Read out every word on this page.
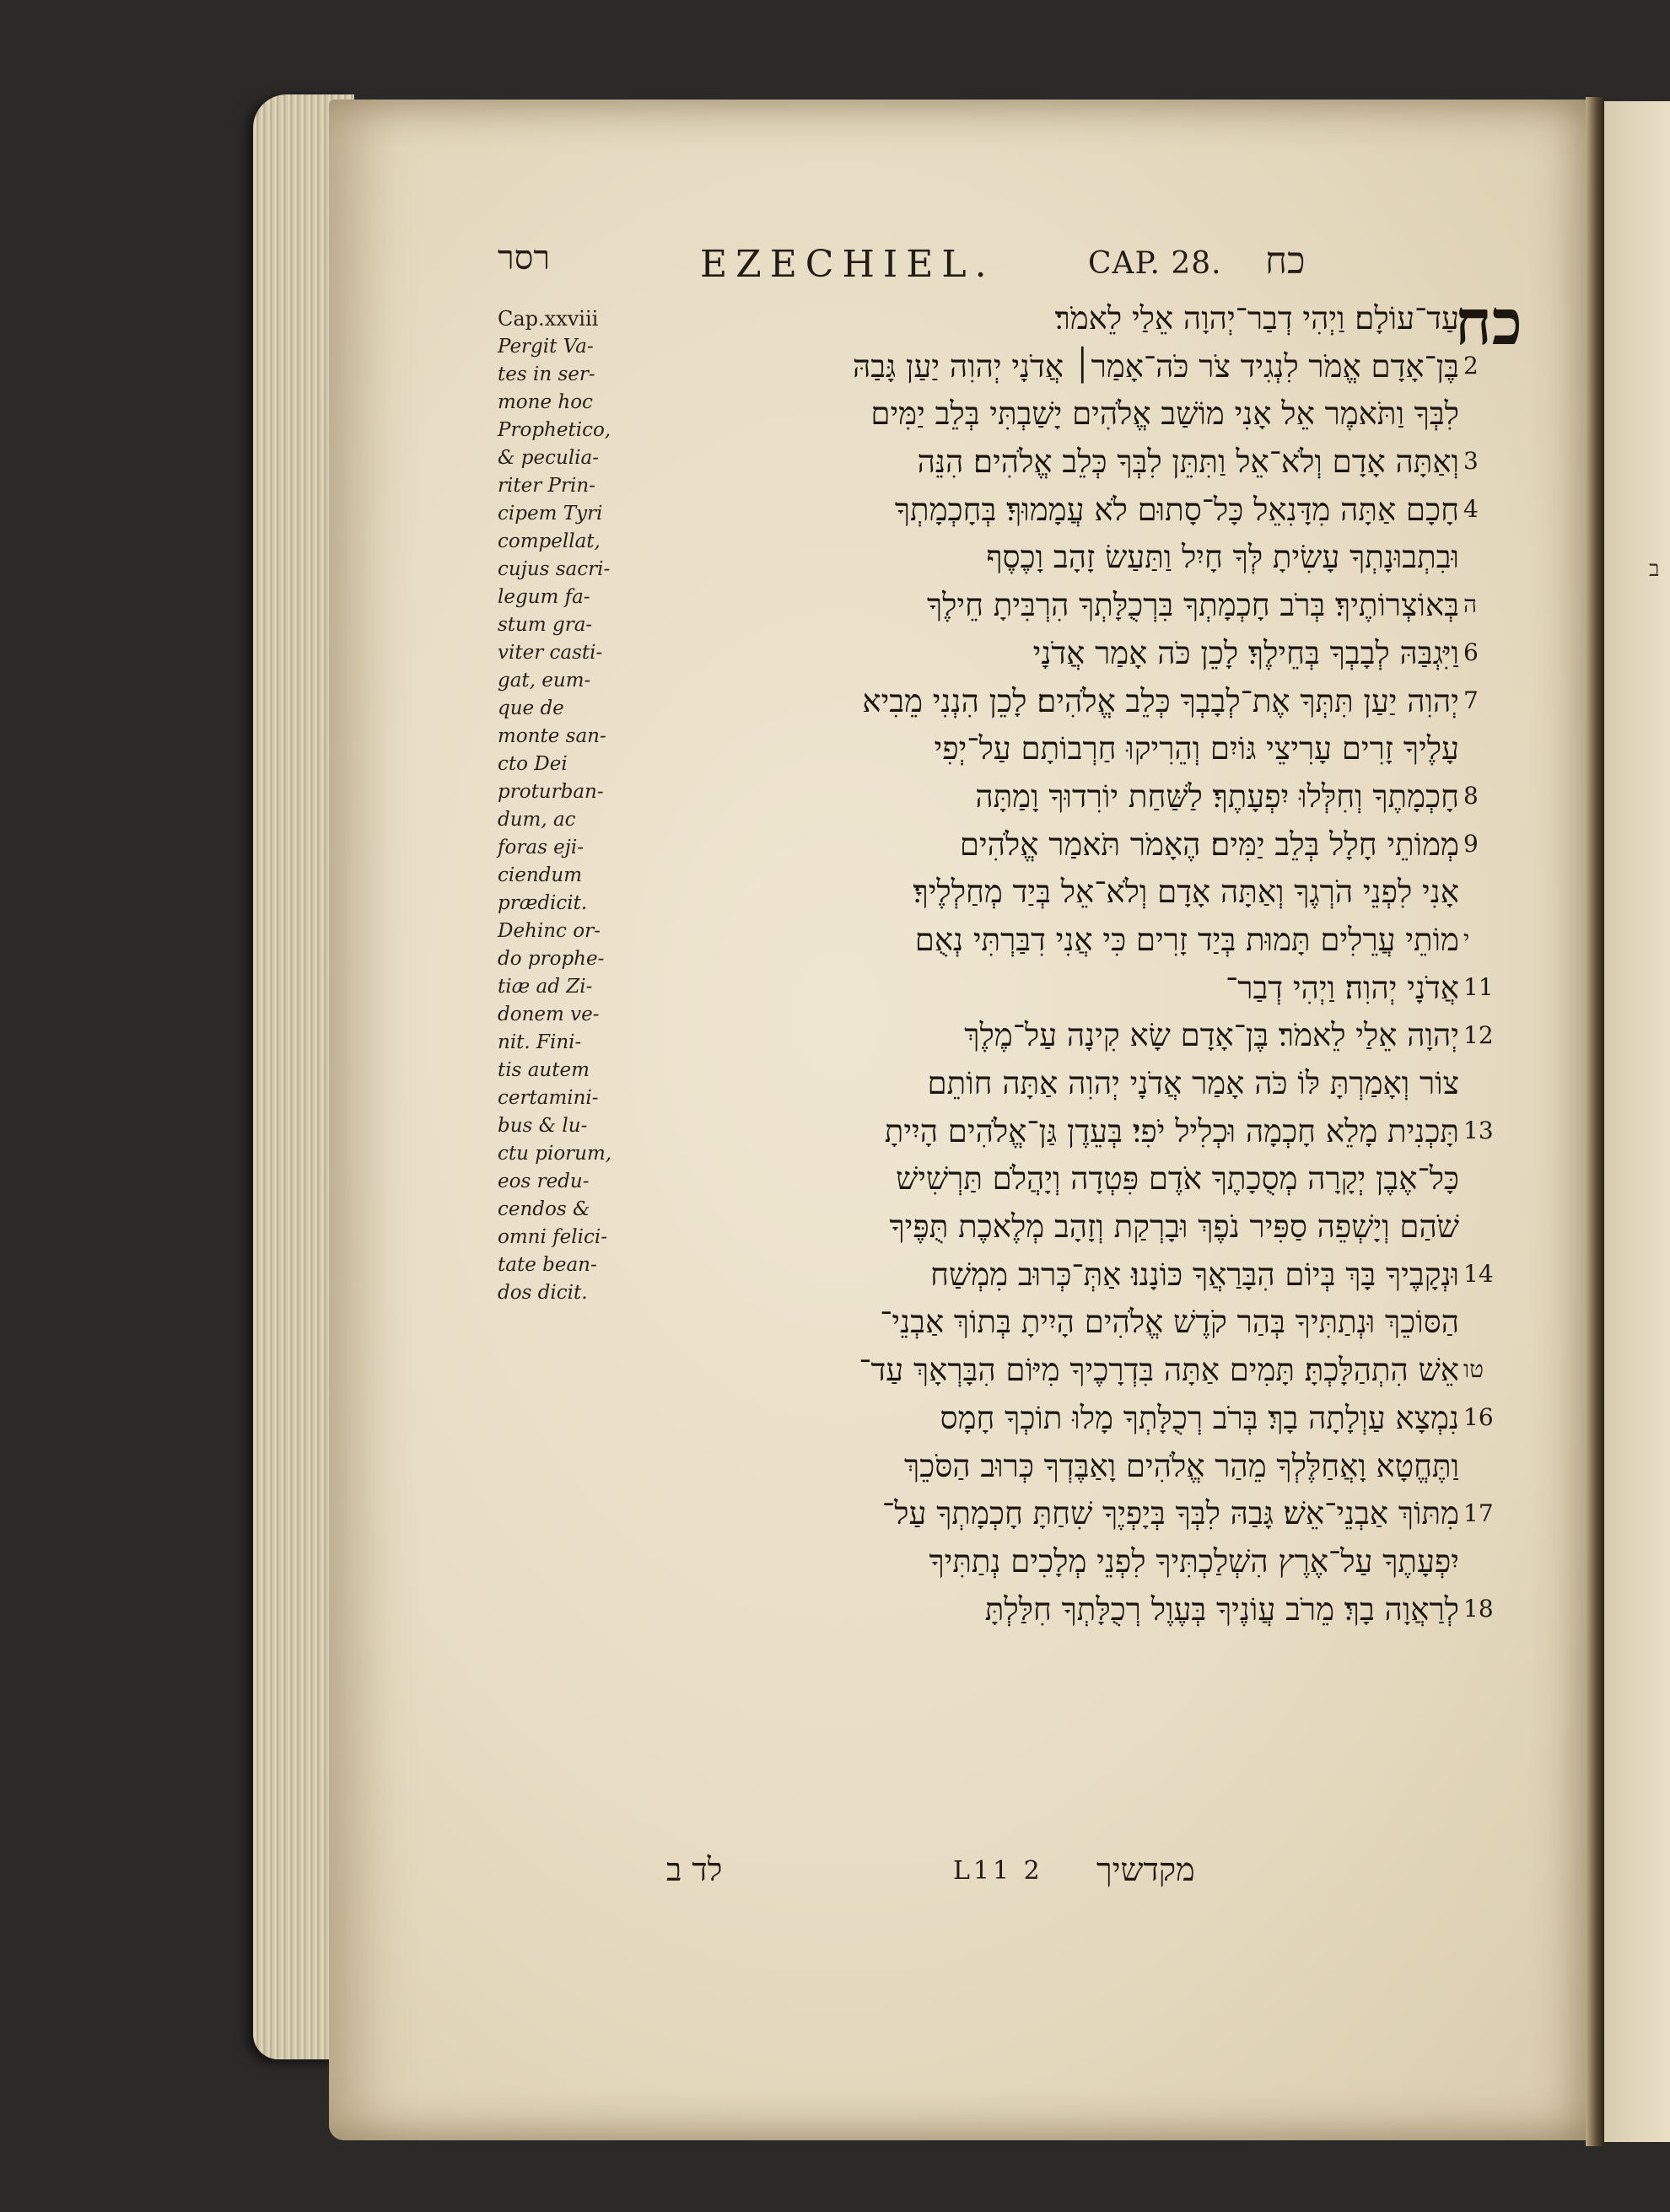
ב
רסר	EZECHIEL.	CAP. 28. כח
כח
Cap.xxviii
Pergit Va-
tes in ser-
mone hoc
Prophetico,
& peculia-
riter Prin-
cipem Tyri
compellat,
cujus sacri-
legum fa-
stum gra-
viter casti-
gat, eum-
que de
monte san-
cto Dei
proturban-
dum, ac
foras eji-
ciendum
prædicit.
Dehinc or-
do prophe-
tiæ ad Zi-
donem ve-
nit. Fini-
tis autem
certamini-
bus & lu-
ctu piorum,
eos redu-
cendos &
omni felici-
tate bean-
dos dicit.
עַד־עוֹלָם׃ וַיְהִי דְבַר־יְהוָה אֵלַי לֵאמֹר׃
בֶּן־אָדָם אֱמֹר לִנְגִיד צֹר כֹּה־אָמַר׀ אֲדֹנָי יְהוִה יַעַן גָּבַהּ
לִבְּךָ וַתֹּאמֶר אֵל אָנִי מוֹשַׁב אֱלֹהִים יָשַׁבְתִּי בְּלֵב יַמִּים
וְאַתָּה אָדָם וְלֹא־אֵל וַתִּתֵּן לִבְּךָ כְּלֵב אֱלֹהִים׃ הִנֵּה
חָכָם אַתָּה מִדָּנִאֵל כָּל־סָתוּם לֹא עֲמָמוּךָ׃ בְּחָכְמָתְךָ
וּבִתְבוּנָתְךָ עָשִׂיתָ לְּךָ חָיִל וַתַּעַשׂ זָהָב וָכֶסֶף
בְּאוֹצְרוֹתֶיךָ׃ בְּרֹב חָכְמָתְךָ בִּרְכֻלָּתְךָ הִרְבִּיתָ חֵילֶךָ
וַיִּגְבַּהּ לְבָבְךָ בְּחֵילֶךָ׃ לָכֵן כֹּה אָמַר אֲדֹנָי
יְהוִה יַעַן תִּתְּךָ אֶת־לְבָבְךָ כְּלֵב אֱלֹהִים׃ לָכֵן הִנְנִי מֵבִיא
עָלֶיךָ זָרִים עָרִיצֵי גּוֹיִם וְהֵרִיקוּ חַרְבוֹתָם עַל־יְפִי
חָכְמָתֶךָ וְחִלְּלוּ יִפְעָתֶךָ׃ לַשַּׁחַת יוֹרִדוּךָ וָמַתָּה
מְמוֹתֵי חָלָל בְּלֵב יַמִּים׃ הֶאָמֹר תֹּאמַר אֱלֹהִים
אָנִי לִפְנֵי הֹרְגֶךָ וְאַתָּה אָדָם וְלֹא־אֵל בְּיַד מְחַלְלֶיךָ׃
מוֹתֵי עֲרֵלִים תָּמוּת בְּיַד זָרִים כִּי אֲנִי דִבַּרְתִּי נְאֻם
אֲדֹנָי יְהוִה׃ וַיְהִי דְבַר־
יְהוָה אֵלַי לֵאמֹר׃ בֶּן־אָדָם שָׂא קִינָה עַל־מֶלֶךְ
צוֹר וְאָמַרְתָּ לּוֹ כֹּה אָמַר אֲדֹנָי יְהוִה אַתָּה חוֹתֵם
תָּכְנִית מָלֵא חָכְמָה וּכְלִיל יֹפִי׃ בְּעֵדֶן גַּן־אֱלֹהִים הָיִיתָ
כָּל־אֶבֶן יְקָרָה מְסֻכָתֶךָ אֹדֶם פִּטְדָה וְיָהֲלֹם תַּרְשִׁישׁ
שֹׁהַם וְיָשְׁפֵה סַפִּיר נֹפֶךְ וּבָרְקַת וְזָהָב מְלֶאכֶת תֻּפֶּיךָ
וּנְקָבֶיךָ בָּךְ בְּיוֹם הִבָּרַאֲךָ כּוֹנָנוּ׃ אַתְּ־כְּרוּב מִמְשַׁח
הַסּוֹכֵךְ וּנְתַתִּיךָ בְּהַר קֹדֶשׁ אֱלֹהִים הָיִיתָ בְּתוֹךְ אַבְנֵי־
אֵשׁ הִתְהַלָּכְתָּ׃ תָּמִים אַתָּה בִּדְרָכֶיךָ מִיּוֹם הִבָּרְאָךְ עַד־
נִמְצָא עַוְלָתָה בָךְ׃ בְּרֹב רְכֻלָּתְךָ מָלוּ תוֹכְךָ חָמָס
וַתֶּחֱטָא וָאֲחַלֶּלְךָ מֵהַר אֱלֹהִים וָאַבֶּדְךָ כְּרוּב הַסֹּכֵךְ
מִתּוֹךְ אַבְנֵי־אֵשׁ׃ גָּבַהּ לִבְּךָ בְּיָפְיֶךָ שִׁחַתָּ חָכְמָתְךָ עַל־
יִפְעָתֶךָ עַל־אֶרֶץ הִשְׁלַכְתִּיךָ לִפְנֵי מְלָכִים נְתַתִּיךָ
לְרַאֲוָה בָךְ׃ מֵרֹב עֲוֹנֶיךָ בְּעֶוֶל רְכֻלָּתְךָ חִלַּלְתָּ
2
3
4
ה
6
7
8
9
י
11
12
13
14
טו
16
17
18
מקדשיך
L11 2
לד ב
